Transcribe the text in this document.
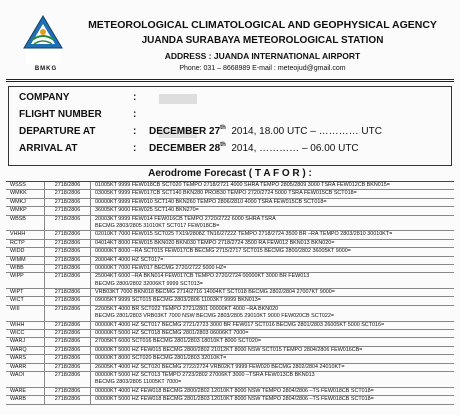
BMKG
METEOROLOGICAL CLIMATOLOGICAL AND GEOPHYSICAL AGENCY
JUANDA SURABAYA METEOROLOGICAL STATION
ADDRESS : JUANDA INTERNATIONAL AIRPORT
Phone: 031 – 8668989 E-mail : meteojud@gmail.com
COMPANY	:
FLIGHT NUMBER	:
DEPARTURE AT	: DECEMBER 27th 2014, 18.00 UTC – ………… UTC
ARRIVAL AT	: DECEMBER 28th 2014, ………… – 06.00 UTC
Aerodrome Forecast ( T A F O R ) :
WSSS	2718/2806	01005KT 9999 FEW018CB SCT020 TEMPO 2718/2721 4000 SHRA TEMPO 2805/2809 3000 TSRA FEW012CB BKN015=
WMKK	2718/2806	03005KT 9999 FEW017CB SCT140 BKN280 PROB30 TEMPO 2720/2724 5000 TSRA FEW015CB SCT018=
WMKJ	2718/2806	00000KT 9999 FEW010 SCT140 BKN260 TEMPO 2806/2810 4000 TSRA FEW015CB SCT018=
WMKP	2718/2806	36005KT 9000 FEW025 SCT140 BKN270=
WBSB	2718/2806	20003KT 9999 FEW014 FEW016CB TEMPO 2720/2722 6000 SHRA TSRA
BECMG 2803/2805 31010KT SCT017 FEW018CB=
VHHH	2718/2806	02010KT 7000 FEW015 SCT025 TX19/2808Z TN16/2722Z TEMPO 2718/2724 3500 BR –RA TEMPO 2803/2810 30010KT=
RCTP	2718/2806	04014KT 8000 FEW015 BKN020 BKN030 TEMPO 2718/2724 3500 RA FEW012 BKN013 BKN020=
WIDD	2718/2806	00000KT 8000 –RA SCT015 FEW017CB BECMG 2715/2717 SCT015 BECMG 2800/2802 36005KT 9000=
WIMM	2718/2806	20004KT 4000 HZ SCT017=
WIBB	2718/2806	00000KT 7000 FEW017 BECMG 2720/2722 5000 HZ=
WIPP	2718/2806	25004KT 6000 –RA BKN014 FEW017CB TEMPO 2720/2724 00000KT 3000 BR FEW013
BECMG 2800/2802 32006KT 9999 SCT013=
WIPT	2718/2806	VRB03KT 7000 BKN018 BECMG 2714/2716 14004KT SCT018 BECMG 2802/2804 27007KT 9000=
WICT	2718/2806	09005KT 9999 SCT015 BECMG 2803/2806 11003KT 9999 BKN013=
WIII	2718/2806	22005KT 4000 BR SCT022 TEMPO 2721/2801 00000KT 4000 –RA BKN020
BECMG 2801/2803 VRB03KT 7000 NSW BECMG 2803/2805 29010KT 9000 FEW020CB SCT022=
WIHH	2718/2806	00000KT 4000 HZ SCT017 BECMG 2721/2723 3000 BR FEW017 SCT016 BECMG 2801/2803 26005KT 5000 SCT016=
WICC	2718/2806	00000KT 5000 HZ SCT018 BECMG 2801/2803 06006KT 7000=
WARJ	2718/2806	27005KT 6000 SCT016 BECMG 2801/2803 18010KT 8000 SCT020=
WARQ	2718/2806	00000KT 5000 HZ FEW015 BECMG 2800/2802 21012KT 8000 NSW SCT015 TEMPO 2804/2806 FEW016CB=
WARS	2718/2806	00000KT 8000 SCT020 BECMG 2801/2803 32010KT=
WARR	2718/2806	26005KT 4000 HZ SCT020 BECMG 2722/2724 VRB02KT 9999 FEW020 BECMG 2802/2804 24010KT=
WAOI	2718/2806	00000KT 5000 HZ SCT013 TEMPO 2723/2802 27006KT 3000 –TSRA FEW013CB BKN013
BECMG 2803/2805 11005KT 7000=
WARE	2718/2806	00000KT 4000 HZ FEW018 BECMG 2800/2802 12010KT 8000 NSW TEMPO 2804/2806 –TS FEW018CB SCT018=
WARB	2718/2806	00000KT 5000 HZ FEW018 BECMG 2801/2803 12010KT 8000 NSW TEMPO 2804/2806 –TS FEW018CB SCT018=
